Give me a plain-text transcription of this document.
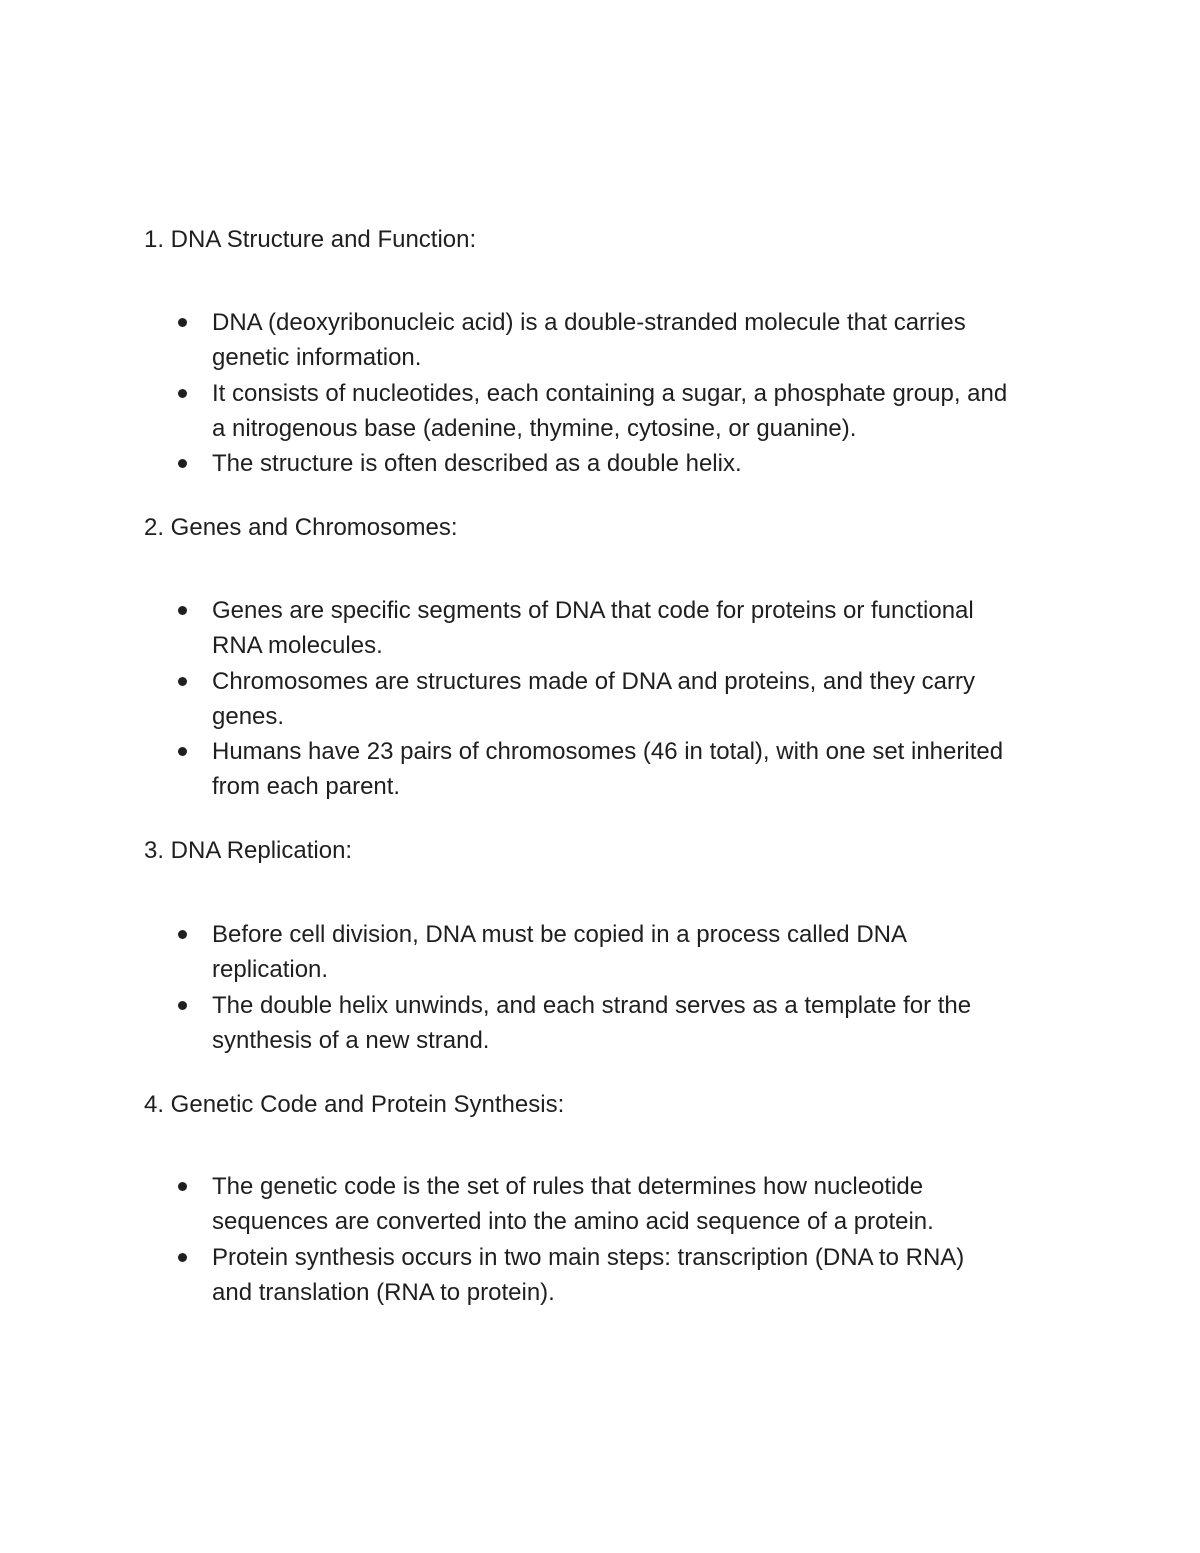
1. DNA Structure and Function:
DNA (deoxyribonucleic acid) is a double-stranded molecule that carries
genetic information.
It consists of nucleotides, each containing a sugar, a phosphate group, and
a nitrogenous base (adenine, thymine, cytosine, or guanine).
The structure is often described as a double helix.
2. Genes and Chromosomes:
Genes are specific segments of DNA that code for proteins or functional
RNA molecules.
Chromosomes are structures made of DNA and proteins, and they carry
genes.
Humans have 23 pairs of chromosomes (46 in total), with one set inherited
from each parent.
3. DNA Replication:
Before cell division, DNA must be copied in a process called DNA
replication.
The double helix unwinds, and each strand serves as a template for the
synthesis of a new strand.
4. Genetic Code and Protein Synthesis:
The genetic code is the set of rules that determines how nucleotide
sequences are converted into the amino acid sequence of a protein.
Protein synthesis occurs in two main steps: transcription (DNA to RNA)
and translation (RNA to protein).
